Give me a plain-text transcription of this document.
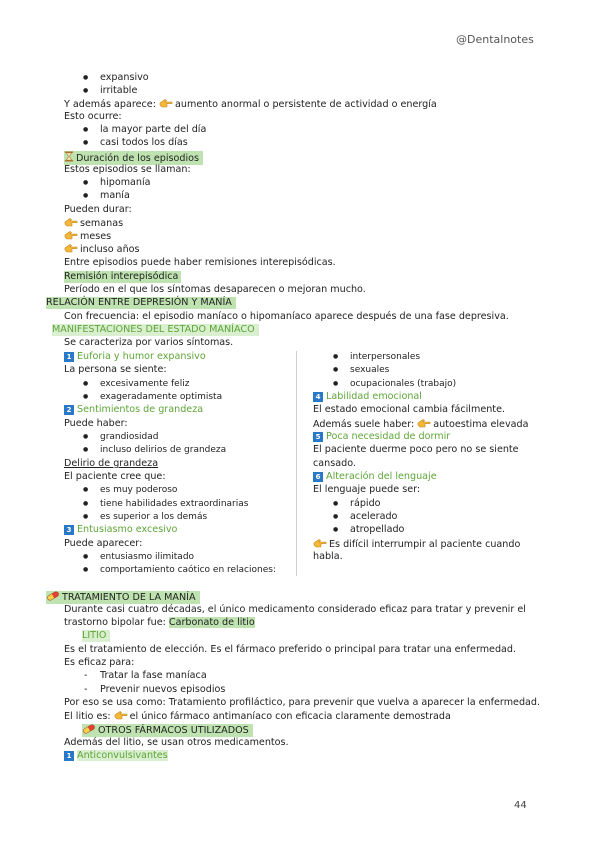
@Dentalnotes
● expansivo
● irritable
Y además aparece: aumento anormal o persistente de actividad o energía
Esto ocurre:
● la mayor parte del día
● casi todos los días
Duración de los episodios
Estos episodios se llaman:
● hipomanía
● manía
Pueden durar:
semanas
meses
incluso años
Entre episodios puede haber remisiones interepisódicas.
Remisión interepisódica
Período en el que los síntomas desaparecen o mejoran mucho.
RELACIÓN ENTRE DEPRESIÓN Y MANÍA
Con frecuencia: el episodio maníaco o hipomaníaco aparece después de una fase depresiva.
MANIFESTACIONES DEL ESTADO MANÍACO
Se caracteriza por varios síntomas.
1 Euforia y humor expansivo
La persona se siente:
● excesivamente feliz
● exageradamente optimista
2 Sentimientos de grandeza
Puede haber:
● grandiosidad
● incluso delirios de grandeza
Delirio de grandeza
El paciente cree que:
● es muy poderoso
● tiene habilidades extraordinarias
● es superior a los demás
3 Entusiasmo excesivo
Puede aparecer:
● entusiasmo ilimitado
● comportamiento caótico en relaciones:
● interpersonales
● sexuales
● ocupacionales (trabajo)
4 Labilidad emocional
El estado emocional cambia fácilmente.
Además suele haber: autoestima elevada
5 Poca necesidad de dormir
El paciente duerme poco pero no se siente
cansado.
6 Alteración del lenguaje
El lenguaje puede ser:
● rápido
● acelerado
● atropellado
Es difícil interrumpir al paciente cuando
habla.
TRATAMIENTO DE LA MANÍA
Durante casi cuatro décadas, el único medicamento considerado eficaz para tratar y prevenir el
trastorno bipolar fue: Carbonato de litio
LITIO
Es el tratamiento de elección. Es el fármaco preferido o principal para tratar una enfermedad.
Es eficaz para:
- Tratar la fase maníaca
- Prevenir nuevos episodios
Por eso se usa como: Tratamiento profiláctico, para prevenir que vuelva a aparecer la enfermedad.
El litio es: el único fármaco antimaníaco con eficacia claramente demostrada
OTROS FÁRMACOS UTILIZADOS
Además del litio, se usan otros medicamentos.
1 Anticonvulsivantes
44
